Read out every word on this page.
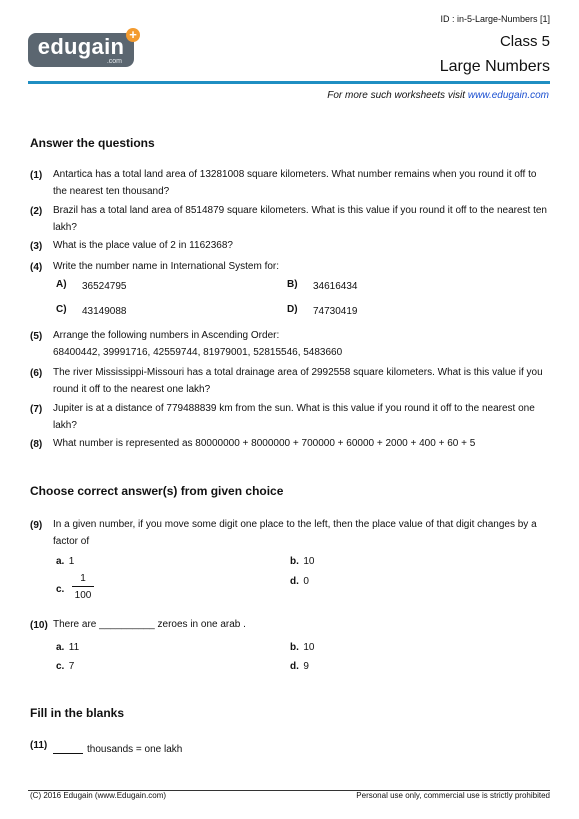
edugain
.com
+
ID : in-5-Large-Numbers [1]
Class 5
Large Numbers
For more such worksheets visit www.edugain.com
Answer the questions
(1) Antartica has a total land area of 13281008 square kilometers. What number remains when you round it off to the nearest ten thousand?
(2) Brazil has a total land area of 8514879 square kilometers. What is this value if you round it off to the nearest ten lakh?
(3) What is the place value of 2 in 1162368?
(4) Write the number name in International System for:
A) 36524795	B) 34616434
C) 43149088	D) 74730419
(5) Arrange the following numbers in Ascending Order:
68400442, 39991716, 42559744, 81979001, 52815546, 5483660
(6) The river Mississippi-Missouri has a total drainage area of 2992558 square kilometers. What is this value if you round it off to the nearest one lakh?
(7) Jupiter is at a distance of 779488839 km from the sun. What is this value if you round it off to the nearest one lakh?
(8) What number is represented as 80000000 + 8000000 + 700000 + 60000 + 2000 + 400 + 60 + 5
Choose correct answer(s) from given choice
(9) In a given number, if you move some digit one place to the left, then the place value of that digit changes by a factor of
a. 1	b. 10
c.
1
100
d. 0
(10) There are __________ zeroes in one arab .
a. 11	b. 10
c. 7	d. 9
Fill in the blanks
(11)	thousands = one lakh
(C) 2016 Edugain (www.Edugain.com)	Personal use only, commercial use is strictly prohibited
